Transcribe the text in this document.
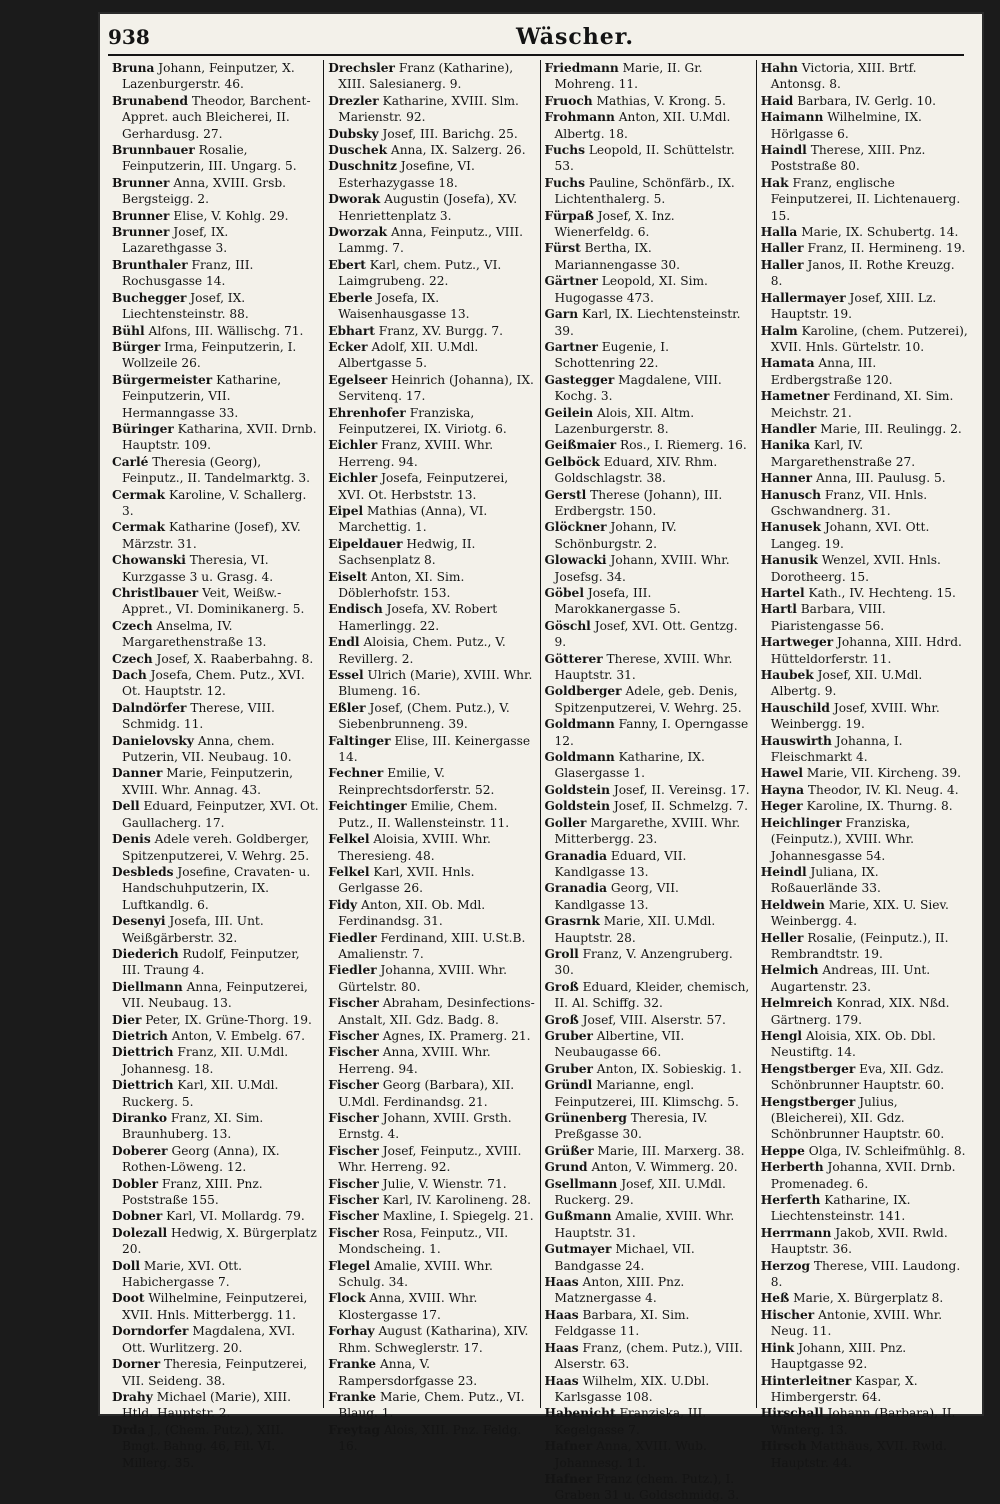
938	Wäscher.
Bruna Johann, Feinputzer, X. Lazenburgerstr. 46.
Brunabend Theodor, Barchent-Appret. auch Bleicherei, II. Gerhardusg. 27.
Brunnbauer Rosalie, Feinputzerin, III. Ungarg. 5.
Brunner Anna, XVIII. Grsb. Bergsteigg. 2.
Brunner Elise, V. Kohlg. 29.
Brunner Josef, IX. Lazarethgasse 3.
Brunthaler Franz, III. Rochusgasse 14.
Buchegger Josef, IX. Liechtensteinstr. 88.
Bühl Alfons, III. Wällischg. 71.
Bürger Irma, Feinputzerin, I. Wollzeile 26.
Bürgermeister Katharine, Feinputzerin, VII. Hermanngasse 33.
Büringer Katharina, XVII. Drnb. Hauptstr. 109.
Carlé Theresia (Georg), Feinputz., II. Tandelmarktg. 3.
Cermak Karoline, V. Schallerg. 3.
Cermak Katharine (Josef), XV. Märzstr. 31.
Chowanski Theresia, VI. Kurzgasse 3 u. Grasg. 4.
Christlbauer Veit, Weißw.-Appret., VI. Dominikanerg. 5.
Czech Anselma, IV. Margarethenstraße 13.
Czech Josef, X. Raaberbahng. 8.
Dach Josefa, Chem. Putz., XVI. Ot. Hauptstr. 12.
Dalndörfer Therese, VIII. Schmidg. 11.
Danielovsky Anna, chem. Putzerin, VII. Neubaug. 10.
Danner Marie, Feinputzerin, XVIII. Whr. Annag. 43.
Dell Eduard, Feinputzer, XVI. Ot. Gaullacherg. 17.
Denis Adele vereh. Goldberger, Spitzenputzerei, V. Wehrg. 25.
Desbleds Josefine, Cravaten- u. Handschuhputzerin, IX. Luftkandlg. 6.
Desenyi Josefa, III. Unt. Weißgärberstr. 32.
Diederich Rudolf, Feinputzer, III. Traung 4.
Diellmann Anna, Feinputzerei, VII. Neubaug. 13.
Dier Peter, IX. Grüne-Thorg. 19.
Dietrich Anton, V. Embelg. 67.
Diettrich Franz, XII. U.Mdl. Johannesg. 18.
Diettrich Karl, XII. U.Mdl. Ruckerg. 5.
Diranko Franz, XI. Sim. Braunhuberg. 13.
Doberer Georg (Anna), IX. Rothen-Löweng. 12.
Dobler Franz, XIII. Pnz. Poststraße 155.
Dobner Karl, VI. Mollardg. 79.
Dolezall Hedwig, X. Bürgerplatz 20.
Doll Marie, XVI. Ott. Habichergasse 7.
Doot Wilhelmine, Feinputzerei, XVII. Hnls. Mitterbergg. 11.
Dorndorfer Magdalena, XVI. Ott. Wurlitzerg. 20.
Dorner Theresia, Feinputzerei, VII. Seideng. 38.
Drahy Michael (Marie), XIII. Htld. Hauptstr. 2.
Drda J., (Chem. Putz.), XIII. Bmgt. Bahng. 46, Fil. VI. Millerg. 35.
Drechsler Franz (Katharine), XIII. Salesianerg. 9.
Drezler Katharine, XVIII. Slm. Marienstr. 92.
Dubsky Josef, III. Barichg. 25.
Duschek Anna, IX. Salzerg. 26.
Duschnitz Josefine, VI. Esterhazygasse 18.
Dworak Augustin (Josefa), XV. Henriettenplatz 3.
Dworzak Anna, Feinputz., VIII. Lammg. 7.
Ebert Karl, chem. Putz., VI. Laimgrubeng. 22.
Eberle Josefa, IX. Waisenhausgasse 13.
Ebhart Franz, XV. Burgg. 7.
Ecker Adolf, XII. U.Mdl. Albertgasse 5.
Egelseer Heinrich (Johanna), IX. Servitenq. 17.
Ehrenhofer Franziska, Feinputzerei, IX. Viriotg. 6.
Eichler Franz, XVIII. Whr. Herreng. 94.
Eichler Josefa, Feinputzerei, XVI. Ot. Herbststr. 13.
Eipel Mathias (Anna), VI. Marchettig. 1.
Eipeldauer Hedwig, II. Sachsenplatz 8.
Eiselt Anton, XI. Sim. Döblerhofstr. 153.
Endisch Josefa, XV. Robert Hamerlingg. 22.
Endl Aloisia, Chem. Putz., V. Revillerg. 2.
Essel Ulrich (Marie), XVIII. Whr. Blumeng. 16.
Eßler Josef, (Chem. Putz.), V. Siebenbrunneng. 39.
Faltinger Elise, III. Keinergasse 14.
Fechner Emilie, V. Reinprechtsdorferstr. 52.
Feichtinger Emilie, Chem. Putz., II. Wallensteinstr. 11.
Felkel Aloisia, XVIII. Whr. Theresieng. 48.
Felkel Karl, XVII. Hnls. Gerlgasse 26.
Fidy Anton, XII. Ob. Mdl. Ferdinandsg. 31.
Fiedler Ferdinand, XIII. U.St.B. Amalienstr. 7.
Fiedler Johanna, XVIII. Whr. Gürtelstr. 80.
Fischer Abraham, Desinfections-Anstalt, XII. Gdz. Badg. 8.
Fischer Agnes, IX. Pramerg. 21.
Fischer Anna, XVIII. Whr. Herreng. 94.
Fischer Georg (Barbara), XII. U.Mdl. Ferdinandsg. 21.
Fischer Johann, XVIII. Grsth. Ernstg. 4.
Fischer Josef, Feinputz., XVIII. Whr. Herreng. 92.
Fischer Julie, V. Wienstr. 71.
Fischer Karl, IV. Karolineng. 28.
Fischer Maxline, I. Spiegelg. 21.
Fischer Rosa, Feinputz., VII. Mondscheing. 1.
Flegel Amalie, XVIII. Whr. Schulg. 34.
Flock Anna, XVIII. Whr. Klostergasse 17.
Forhay August (Katharina), XIV. Rhm. Schweglerstr. 17.
Franke Anna, V. Rampersdorfgasse 23.
Franke Marie, Chem. Putz., VI. Blaug. 1.
Freytag Alois, XIII. Pnz. Feldg. 16.
Friedmann Marie, II. Gr. Mohreng. 11.
Fruoch Mathias, V. Krong. 5.
Frohmann Anton, XII. U.Mdl. Albertg. 18.
Fuchs Leopold, II. Schüttelstr. 53.
Fuchs Pauline, Schönfärb., IX. Lichtenthalerg. 5.
Fürpaß Josef, X. Inz. Wienerfeldg. 6.
Fürst Bertha, IX. Mariannengasse 30.
Gärtner Leopold, XI. Sim. Hugogasse 473.
Garn Karl, IX. Liechtensteinstr. 39.
Gartner Eugenie, I. Schottenring 22.
Gastegger Magdalene, VIII. Kochg. 3.
Geilein Alois, XII. Altm. Lazenburgerstr. 8.
Geißmaier Ros., I. Riemerg. 16.
Gelböck Eduard, XIV. Rhm. Goldschlagstr. 38.
Gerstl Therese (Johann), III. Erdbergstr. 150.
Glöckner Johann, IV. Schönburgstr. 2.
Glowacki Johann, XVIII. Whr. Josefsg. 34.
Göbel Josefa, III. Marokkanergasse 5.
Göschl Josef, XVI. Ott. Gentzg. 9.
Götterer Therese, XVIII. Whr. Hauptstr. 31.
Goldberger Adele, geb. Denis, Spitzenputzerei, V. Wehrg. 25.
Goldmann Fanny, I. Operngasse 12.
Goldmann Katharine, IX. Glasergasse 1.
Goldstein Josef, II. Vereinsg. 17.
Goldstein Josef, II. Schmelzg. 7.
Goller Margarethe, XVIII. Whr. Mitterbergg. 23.
Granadia Eduard, VII. Kandlgasse 13.
Granadia Georg, VII. Kandlgasse 13.
Grasrnk Marie, XII. U.Mdl. Hauptstr. 28.
Groll Franz, V. Anzengruberg. 30.
Groß Eduard, Kleider, chemisch, II. Al. Schiffg. 32.
Groß Josef, VIII. Alserstr. 57.
Gruber Albertine, VII. Neubaugasse 66.
Gruber Anton, IX. Sobieskig. 1.
Gründl Marianne, engl. Feinputzerei, III. Klimschg. 5.
Grünenberg Theresia, IV. Preßgasse 30.
Grüßer Marie, III. Marxerg. 38.
Grund Anton, V. Wimmerg. 20.
Gsellmann Josef, XII. U.Mdl. Ruckerg. 29.
Gußmann Amalie, XVIII. Whr. Hauptstr. 31.
Gutmayer Michael, VII. Bandgasse 24.
Haas Anton, XIII. Pnz. Matznergasse 4.
Haas Barbara, XI. Sim. Feldgasse 11.
Haas Franz, (chem. Putz.), VIII. Alserstr. 63.
Haas Wilhelm, XIX. U.Dbl. Karlsgasse 108.
Habenicht Franziska, III. Kegelgasse 7.
Hafner Anna, XVIII. Wub. Johannesg. 11.
Hafner Franz (chem. Putz.), I. Graben 31 u. Goldschmidg. 3.
Hahn Victoria, XIII. Brtf. Antonsg. 8.
Haid Barbara, IV. Gerlg. 10.
Haimann Wilhelmine, IX. Hörlgasse 6.
Haindl Therese, XIII. Pnz. Poststraße 80.
Hak Franz, englische Feinputzerei, II. Lichtenauerg. 15.
Halla Marie, IX. Schubertg. 14.
Haller Franz, II. Hermineng. 19.
Haller Janos, II. Rothe Kreuzg. 8.
Hallermayer Josef, XIII. Lz. Hauptstr. 19.
Halm Karoline, (chem. Putzerei), XVII. Hnls. Gürtelstr. 10.
Hamata Anna, III. Erdbergstraße 120.
Hametner Ferdinand, XI. Sim. Meichstr. 21.
Handler Marie, III. Reulingg. 2.
Hanika Karl, IV. Margarethenstraße 27.
Hanner Anna, III. Paulusg. 5.
Hanusch Franz, VII. Hnls. Gschwandnerg. 31.
Hanusek Johann, XVI. Ott. Langeg. 19.
Hanusik Wenzel, XVII. Hnls. Dorotheerg. 15.
Hartel Kath., IV. Hechteng. 15.
Hartl Barbara, VIII. Piaristengasse 56.
Hartweger Johanna, XIII. Hdrd. Hütteldorferstr. 11.
Haubek Josef, XII. U.Mdl. Albertg. 9.
Hauschild Josef, XVIII. Whr. Weinbergg. 19.
Hauswirth Johanna, I. Fleischmarkt 4.
Hawel Marie, VII. Kircheng. 39.
Hayna Theodor, IV. Kl. Neug. 4.
Heger Karoline, IX. Thurng. 8.
Heichlinger Franziska, (Feinputz.), XVIII. Whr. Johannesgasse 54.
Heindl Juliana, IX. Roßauerlände 33.
Heldwein Marie, XIX. U. Siev. Weinbergg. 4.
Heller Rosalie, (Feinputz.), II. Rembrandtstr. 19.
Helmich Andreas, III. Unt. Augartenstr. 23.
Helmreich Konrad, XIX. Nßd. Gärtnerg. 179.
Hengl Aloisia, XIX. Ob. Dbl. Neustiftg. 14.
Hengstberger Eva, XII. Gdz. Schönbrunner Hauptstr. 60.
Hengstberger Julius, (Bleicherei), XII. Gdz. Schönbrunner Hauptstr. 60.
Heppe Olga, IV. Schleifmühlg. 8.
Herberth Johanna, XVII. Drnb. Promenadeg. 6.
Herferth Katharine, IX. Liechtensteinstr. 141.
Herrmann Jakob, XVII. Rwld. Hauptstr. 36.
Herzog Therese, VIII. Laudong. 8.
Heß Marie, X. Bürgerplatz 8.
Hischer Antonie, XVIII. Whr. Neug. 11.
Hink Johann, XIII. Pnz. Hauptgasse 92.
Hinterleitner Kaspar, X. Himbergerstr. 64.
Hirschall Johann (Barbara), II. Winterg. 13.
Hirsch Matthäus, XVII. Rwld. Hauptstr. 44.
